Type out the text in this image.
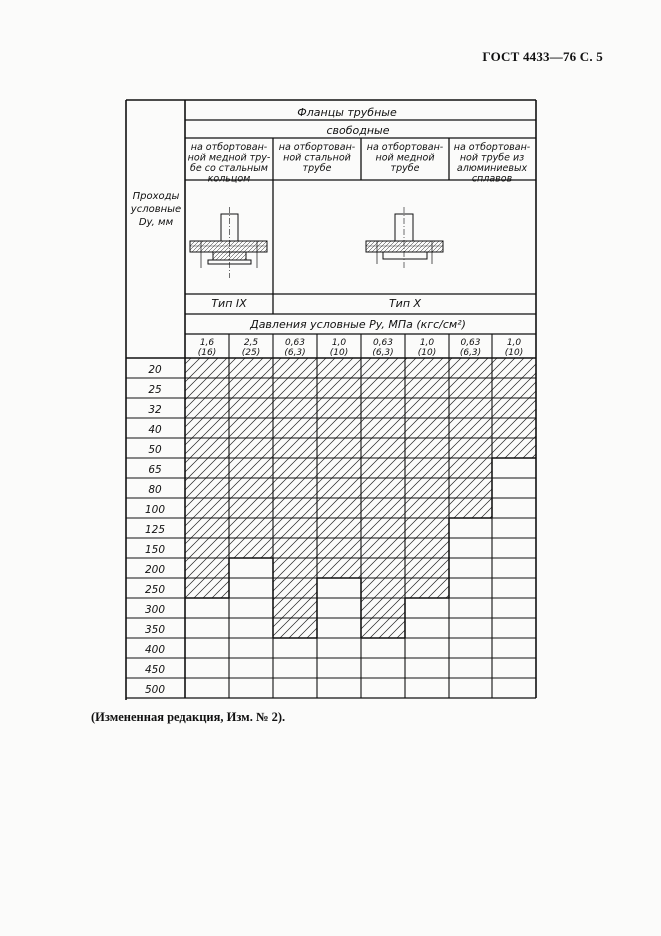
ГОСТ 4433—76 С. 5
Фланцы трубные
свободные
Проходы
условные
Dy, мм
на отбортован-
ной медной тру-
бе со стальным
кольцом
на отбортован-
ной стальной
трубе
на отбортован-
ной медной
трубе
на отбортован-
ной трубе из
алюминиевых
сплавов
Тип IX	Тип X
Давления условные Py, МПа (кгс/см²)
1,6
(16)
2,5
(25)
0,63
(6,3)
1,0
(10)
0,63
(6,3)
1,0
(10)
0,63
(6,3)
1,0
(10)
20
25
32
40
50
65
80
100
125
150
200
250
300
350
400
450
500
(Измененная редакция, Изм. № 2).
